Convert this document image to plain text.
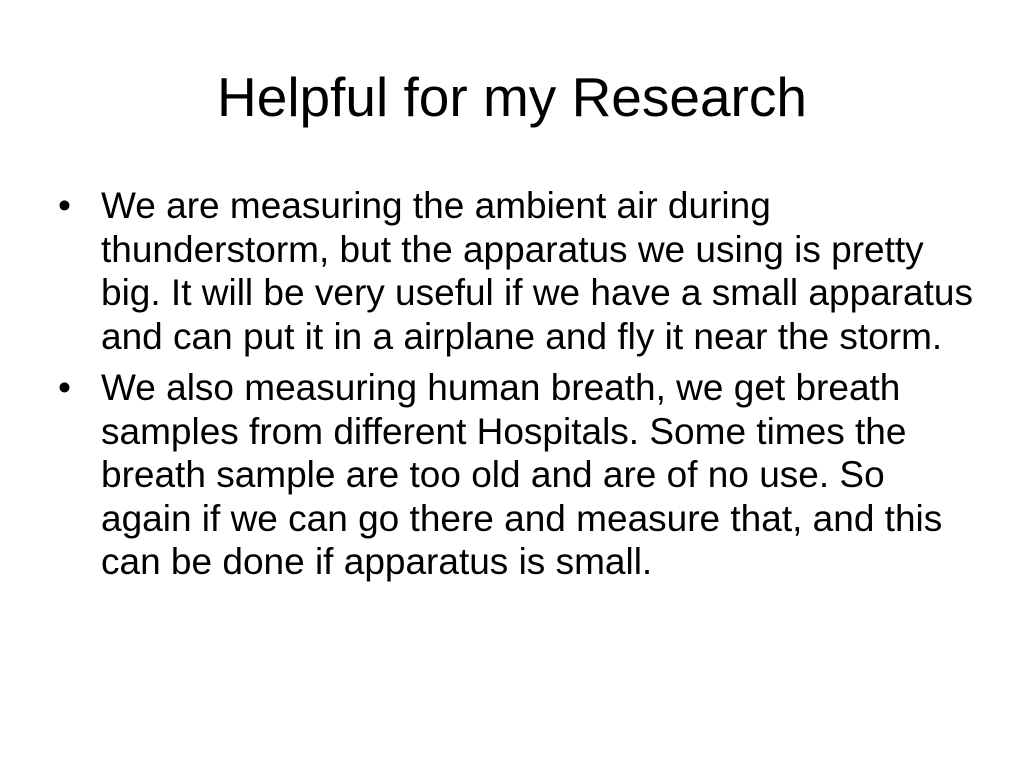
Helpful for my Research
• We are measuring the ambient air during thunderstorm, but the apparatus we using is pretty big. It will be very useful if we have a small apparatus and can put it in a airplane and fly it near the storm.
• We also measuring human breath, we get breath samples from different Hospitals. Some times the breath sample are too old and are of no use. So again if we can go there and measure that, and this can be done if apparatus is small.
